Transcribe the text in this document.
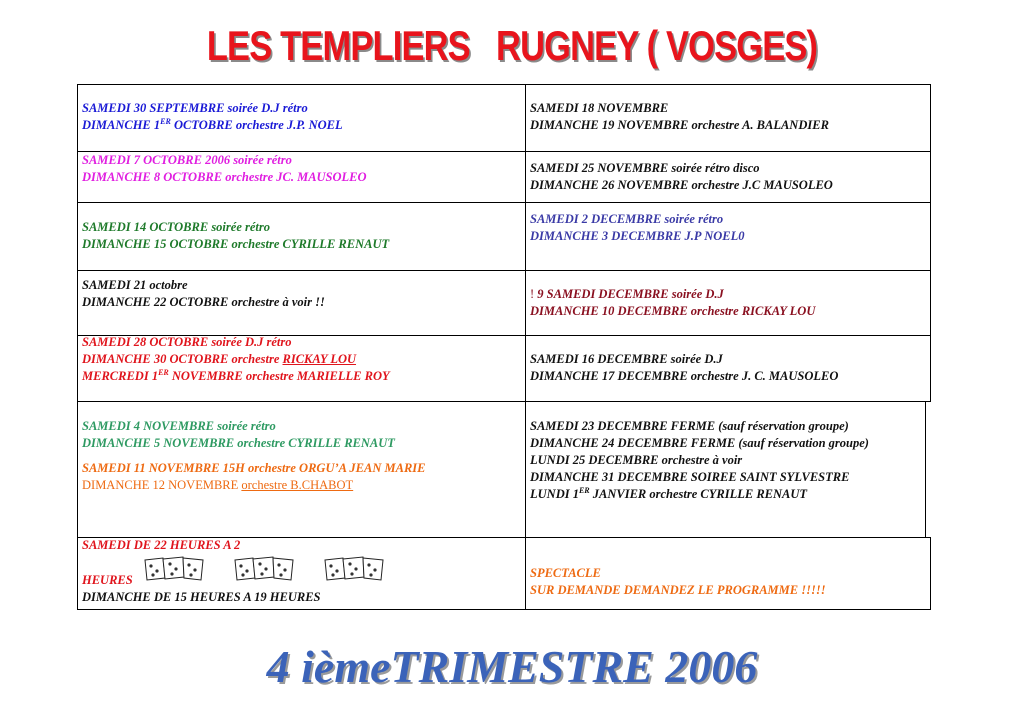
LES TEMPLIERS   RUGNEY ( VOSGES)
SAMEDI 30 SEPTEMBRE soirée D.J rétro
DIMANCHE 1ER OCTOBRE orchestre J.P. NOEL
SAMEDI 7 OCTOBRE 2006 soirée rétro
DIMANCHE 8 OCTOBRE orchestre JC. MAUSOLEO
SAMEDI 14 OCTOBRE soirée rétro
DIMANCHE 15 OCTOBRE orchestre CYRILLE RENAUT
SAMEDI 21 octobre
DIMANCHE 22 OCTOBRE orchestre à voir !!
SAMEDI 28 OCTOBRE soirée D.J rétro
DIMANCHE 30 OCTOBRE orchestre RICKAY LOU
MERCREDI 1ER NOVEMBRE orchestre MARIELLE ROY
SAMEDI 4 NOVEMBRE soirée rétro
DIMANCHE 5 NOVEMBRE orchestre CYRILLE RENAUT
SAMEDI 11 NOVEMBRE 15H orchestre ORGU’A JEAN MARIE
DIMANCHE 12 NOVEMBRE orchestre B.CHABOT
SAMEDI DE 22 HEURES A 2
HEURES
DIMANCHE DE 15 HEURES A 19 HEURES
SAMEDI 18 NOVEMBRE
DIMANCHE 19 NOVEMBRE orchestre A. BALANDIER
SAMEDI 25 NOVEMBRE soirée rétro disco
DIMANCHE 26 NOVEMBRE orchestre J.C MAUSOLEO
SAMEDI 2 DECEMBRE soirée rétro
DIMANCHE 3 DECEMBRE J.P NOEL0
! 9 SAMEDI DECEMBRE soirée D.J
DIMANCHE 10 DECEMBRE orchestre RICKAY LOU
SAMEDI 16 DECEMBRE soirée D.J
DIMANCHE 17 DECEMBRE orchestre J. C. MAUSOLEO
SAMEDI 23 DECEMBRE FERME (sauf réservation groupe)
DIMANCHE 24 DECEMBRE FERME (sauf réservation groupe)
LUNDI 25 DECEMBRE orchestre à voir
DIMANCHE 31 DECEMBRE SOIREE SAINT SYLVESTRE
LUNDI 1ER JANVIER orchestre CYRILLE RENAUT
SPECTACLE
SUR DEMANDE DEMANDEZ LE PROGRAMME !!!!!
4 ièmeTRIMESTRE 2006
